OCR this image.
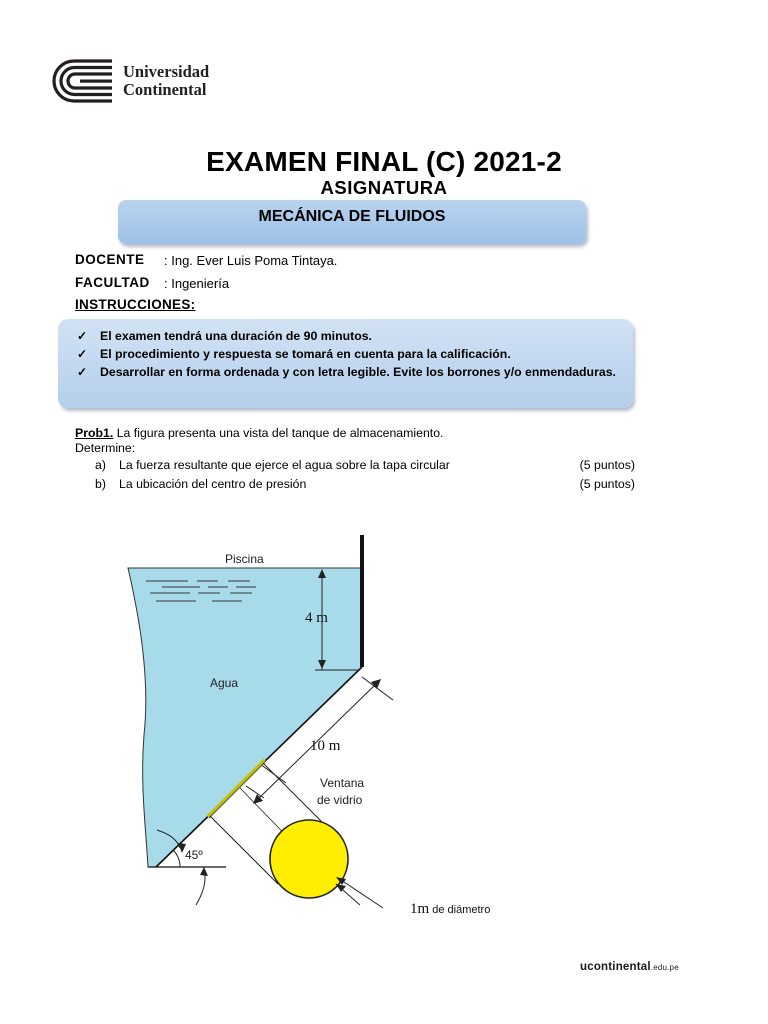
Universidad
Continental
EXAMEN FINAL (C) 2021-2
ASIGNATURA
MECÁNICA DE FLUIDOS
DOCENTE : Ing. Ever Luis Poma Tintaya.
FACULTAD : Ingeniería
INSTRUCCIONES:
✓	El examen tendrá una duración de 90 minutos.
✓	El procedimiento y respuesta se tomará en cuenta para la calificación.
✓	Desarrollar en forma ordenada y con letra legible. Evite los borrones y/o enmendaduras.
Prob1. La figura presenta una vista del tanque de almacenamiento.
Determine:
a) La fuerza resultante que ejerce el agua sobre la tapa circular	(5 puntos)
b) La ubicación del centro de presión	(5 puntos)
Piscina
Agua
4 m
10 m
Ventana
de vidrio
45º
1m de diámetro
ucontinental.edu.pe
